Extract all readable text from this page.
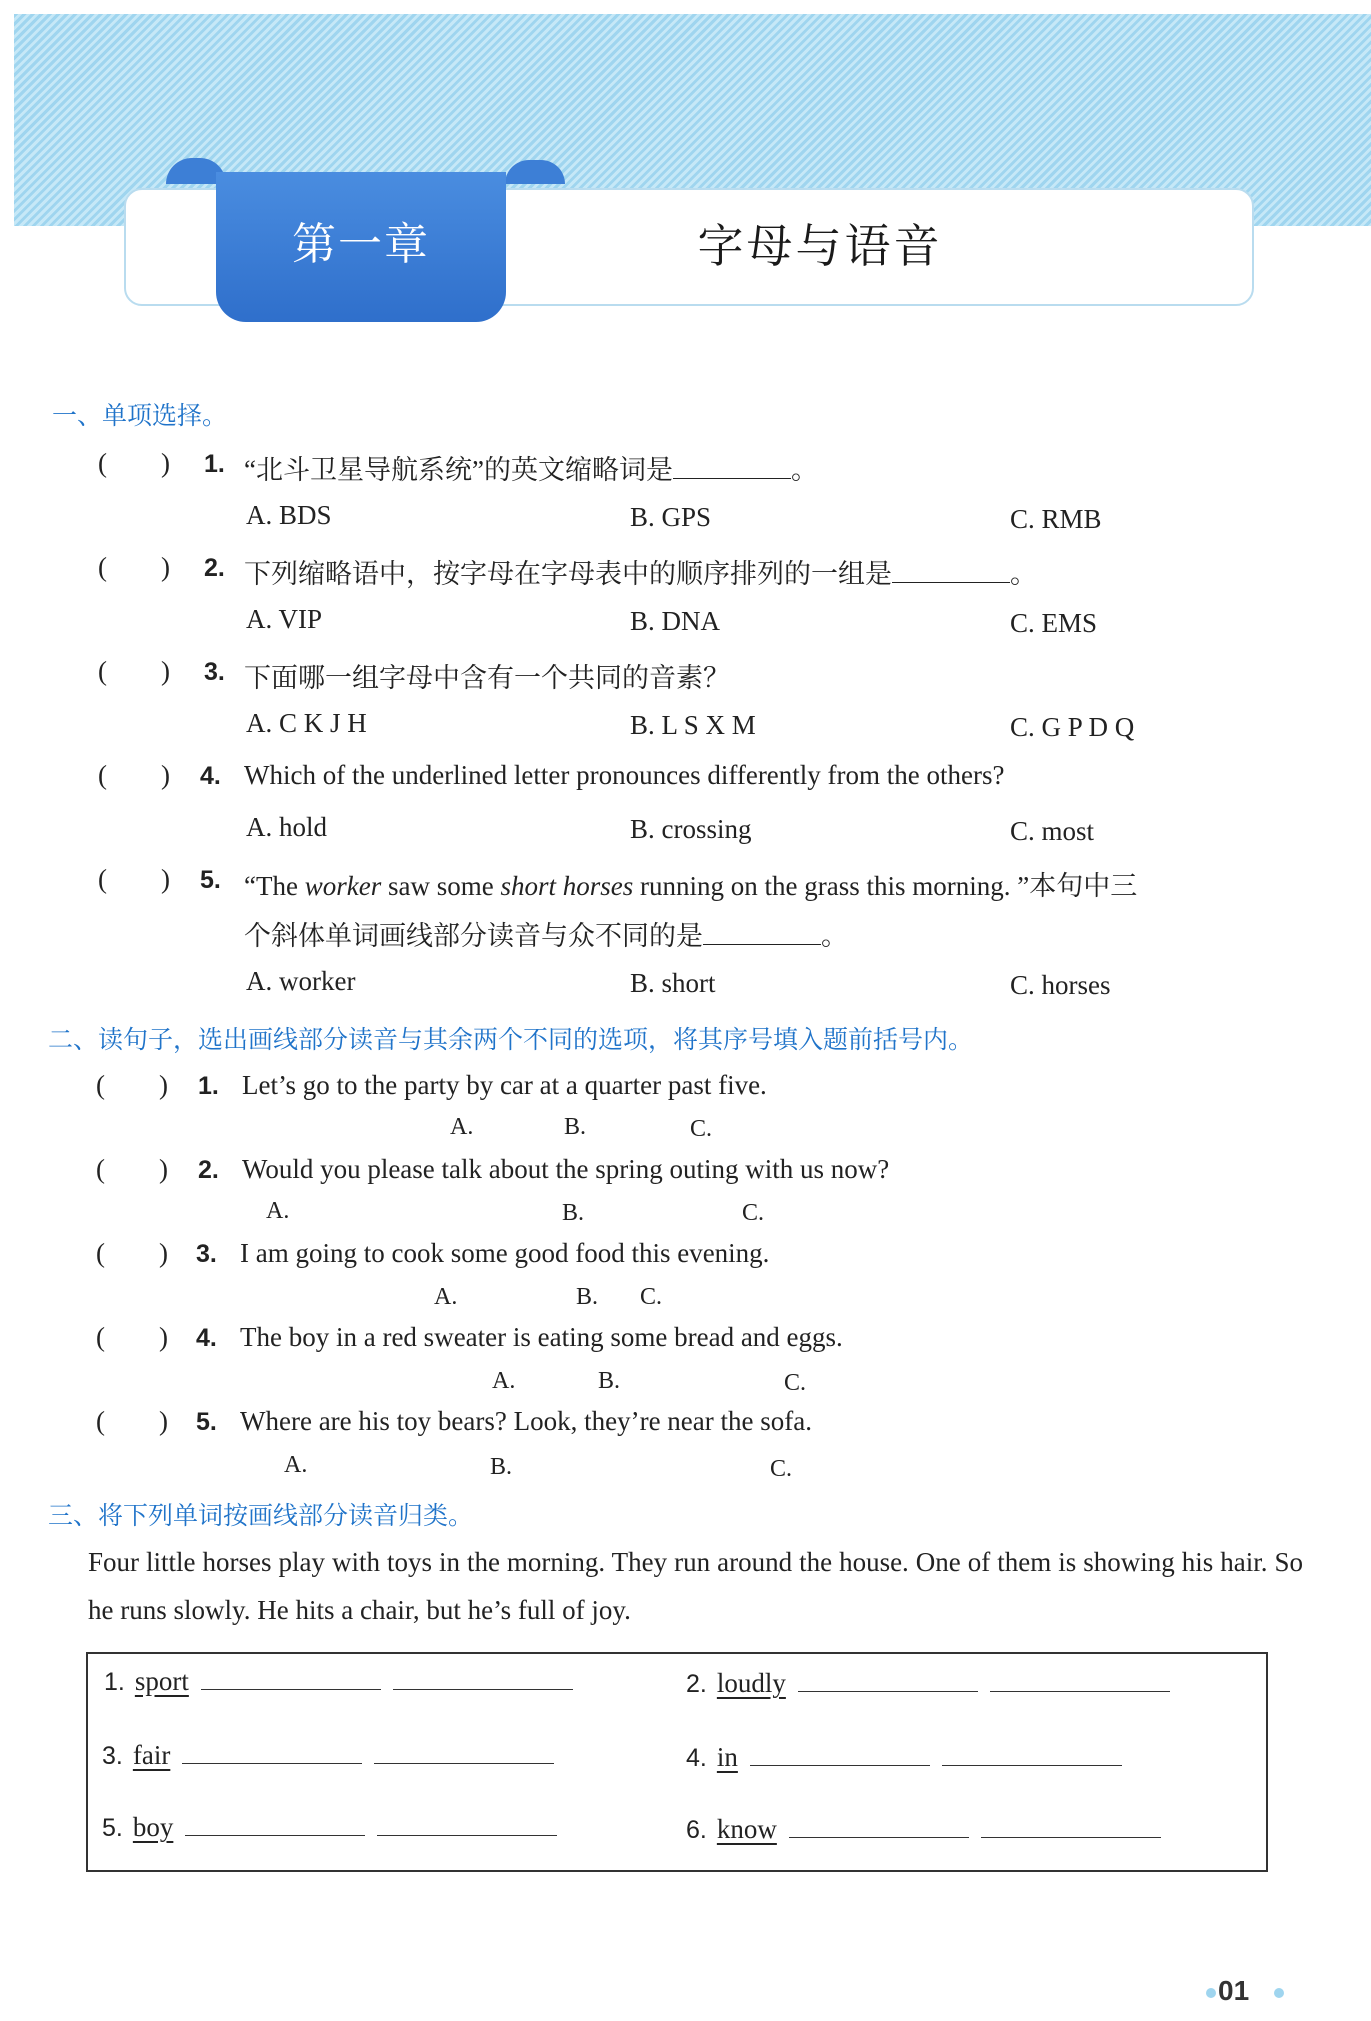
第一章	字母与语音
一、单项选择。
(        ) 1. “北斗卫星导航系统”的英文缩略词是	。
A. BDS	B. GPS	C. RMB
(        ) 2. 下列缩略语中，按字母在字母表中的顺序排列的一组是	。
A. VIP	B. DNA	C. EMS
(        ) 3. 下面哪一组字母中含有一个共同的音素？
A. C K J H	B. L S X M	C. G P D Q
(        ) 4. Which of the underlined letter pronounces differently from the others?
A. hold	B. crossing	C. most
(        ) 5. “The worker saw some short horses running on the grass this morning. ”本句中三
个斜体单词画线部分读音与众不同的是	。
A. worker	B. short	C. horses
二、读句子，选出画线部分读音与其余两个不同的选项，将其序号填入题前括号内。
(        ) 1. Let’s go to the party by car at a quarter past five.
A.	B.	C.
(        ) 2. Would you please talk about the spring outing with us now?
A.	B.	C.
(        ) 3. I am going to cook some good food this evening.
A.	B. C.
(        ) 4. The boy in a red sweater is eating some bread and eggs.
A.	B.	C.
(        ) 5. Where are his toy bears? Look, they’re near the sofa.
A.	B.	C.
三、将下列单词按画线部分读音归类。
Four little horses play with toys in the morning. They run around the house. One of them is showing his hair. So he runs slowly. He hits a chair, but he’s full of joy.
1. sport	2. loudly
3. fair	4. in
5. boy	6. know
01
